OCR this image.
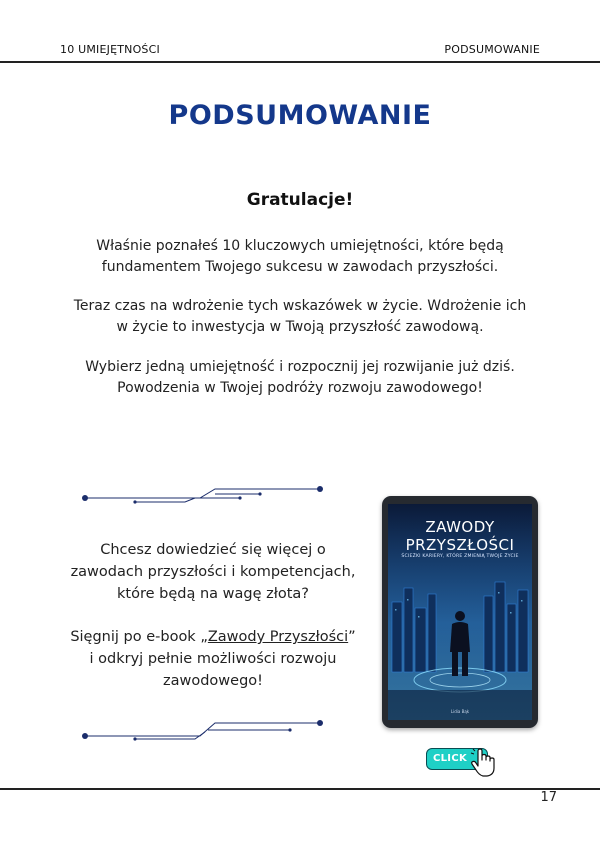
10 UMIEJĘTNOŚCI	PODSUMOWANIE
PODSUMOWANIE
Gratulacje!
Właśnie poznałeś 10 kluczowych umiejętności, które będą
fundamentem Twojego sukcesu w zawodach przyszłości.
Teraz czas na wdrożenie tych wskazówek w życie. Wdrożenie ich
w życie to inwestycja w Twoją przyszłość zawodową.
Wybierz jedną umiejętność i rozpocznij jej rozwijanie już dziś.
Powodzenia w Twojej podróży rozwoju zawodowego!
Chcesz dowiedzieć się więcej o
zawodach przyszłości i kompetencjach,
które będą na wagę złota?
Sięgnij po e-book „Zawody Przyszłości”
i odkryj pełnie możliwości rozwoju
zawodowego!
ZAWODY
PRZYSZŁOŚCI
ŚCIEŻKI KARIERY, KTÓRE ZMIENIĄ TWOJE ŻYCIE
Lidia Bąk
CLICK
17
